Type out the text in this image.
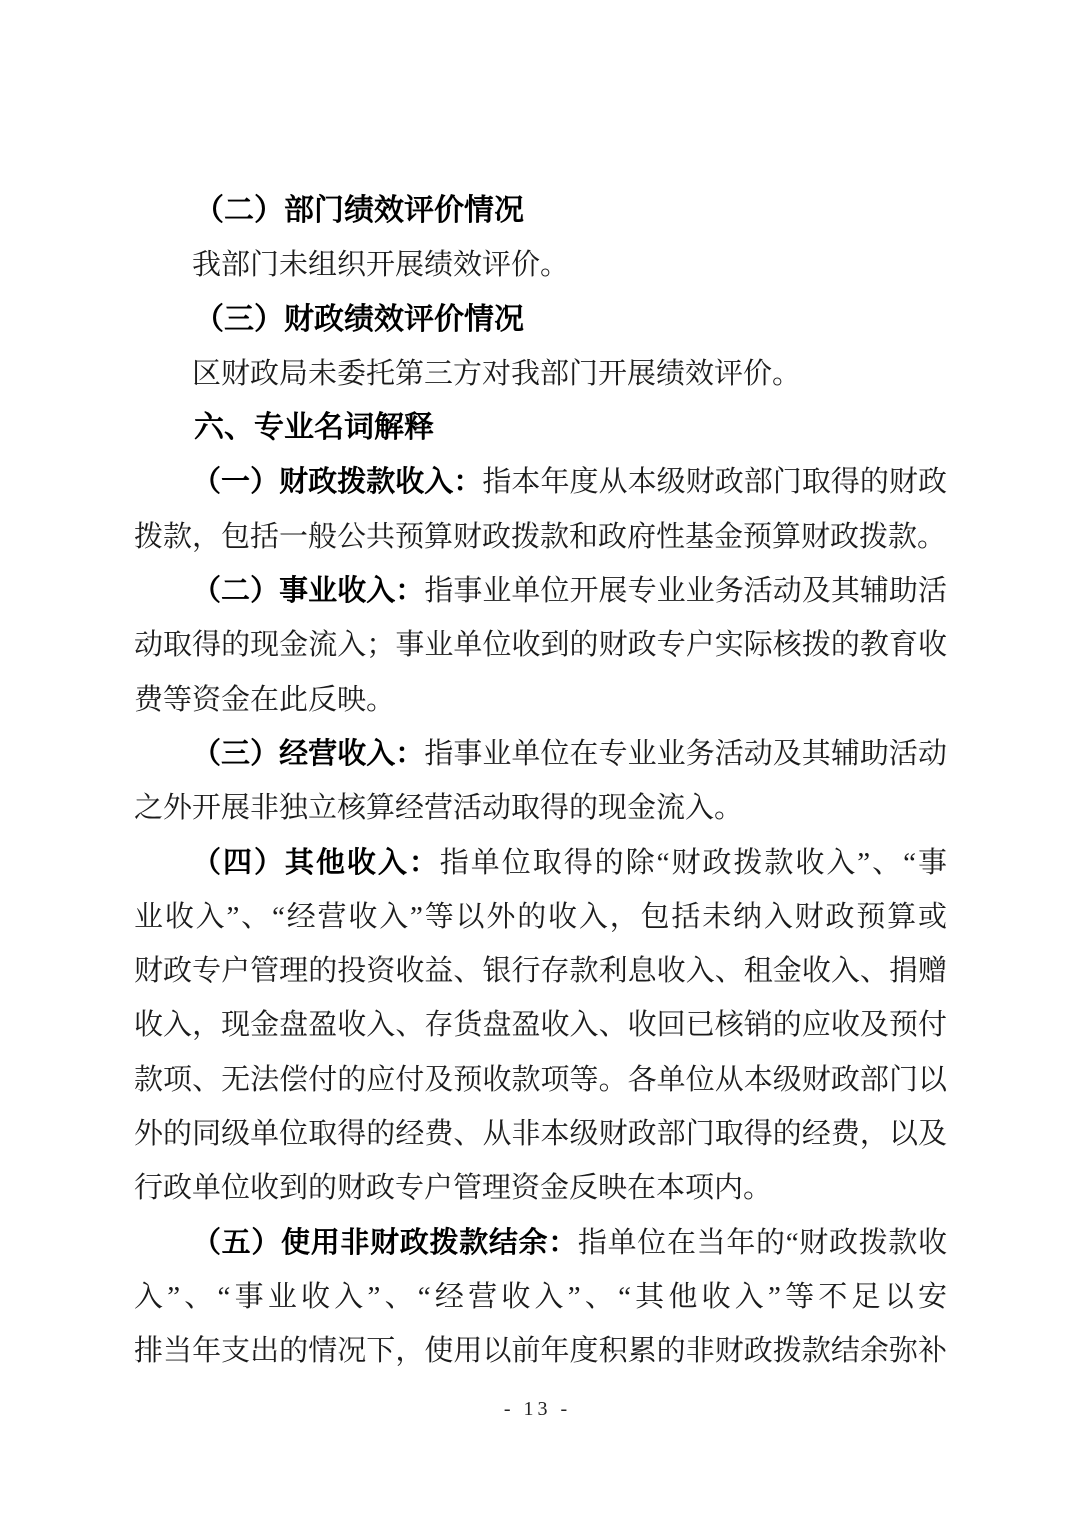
（二）部门绩效评价情况
我部门未组织开展绩效评价。
（三）财政绩效评价情况
区财政局未委托第三方对我部门开展绩效评价。
六、专业名词解释
（一）财政拨款收入：指本年度从本级财政部门取得的财政
拨款，包括一般公共预算财政拨款和政府性基金预算财政拨款。
（二）事业收入：指事业单位开展专业业务活动及其辅助活
动取得的现金流入；事业单位收到的财政专户实际核拨的教育收
费等资金在此反映。
（三）经营收入：指事业单位在专业业务活动及其辅助活动
之外开展非独立核算经营活动取得的现金流入。
（四）其他收入：指单位取得的除“财政拨款收入”、“事
业收入”、“经营收入”等以外的收入，包括未纳入财政预算或
财政专户管理的投资收益、银行存款利息收入、租金收入、捐赠
收入，现金盘盈收入、存货盘盈收入、收回已核销的应收及预付
款项、无法偿付的应付及预收款项等。各单位从本级财政部门以
外的同级单位取得的经费、从非本级财政部门取得的经费，以及
行政单位收到的财政专户管理资金反映在本项内。
（五）使用非财政拨款结余：指单位在当年的“财政拨款收
入”、“事业收入”、“经营收入”、“其他收入”等不足以安
排当年支出的情况下，使用以前年度积累的非财政拨款结余弥补
- 13 -
